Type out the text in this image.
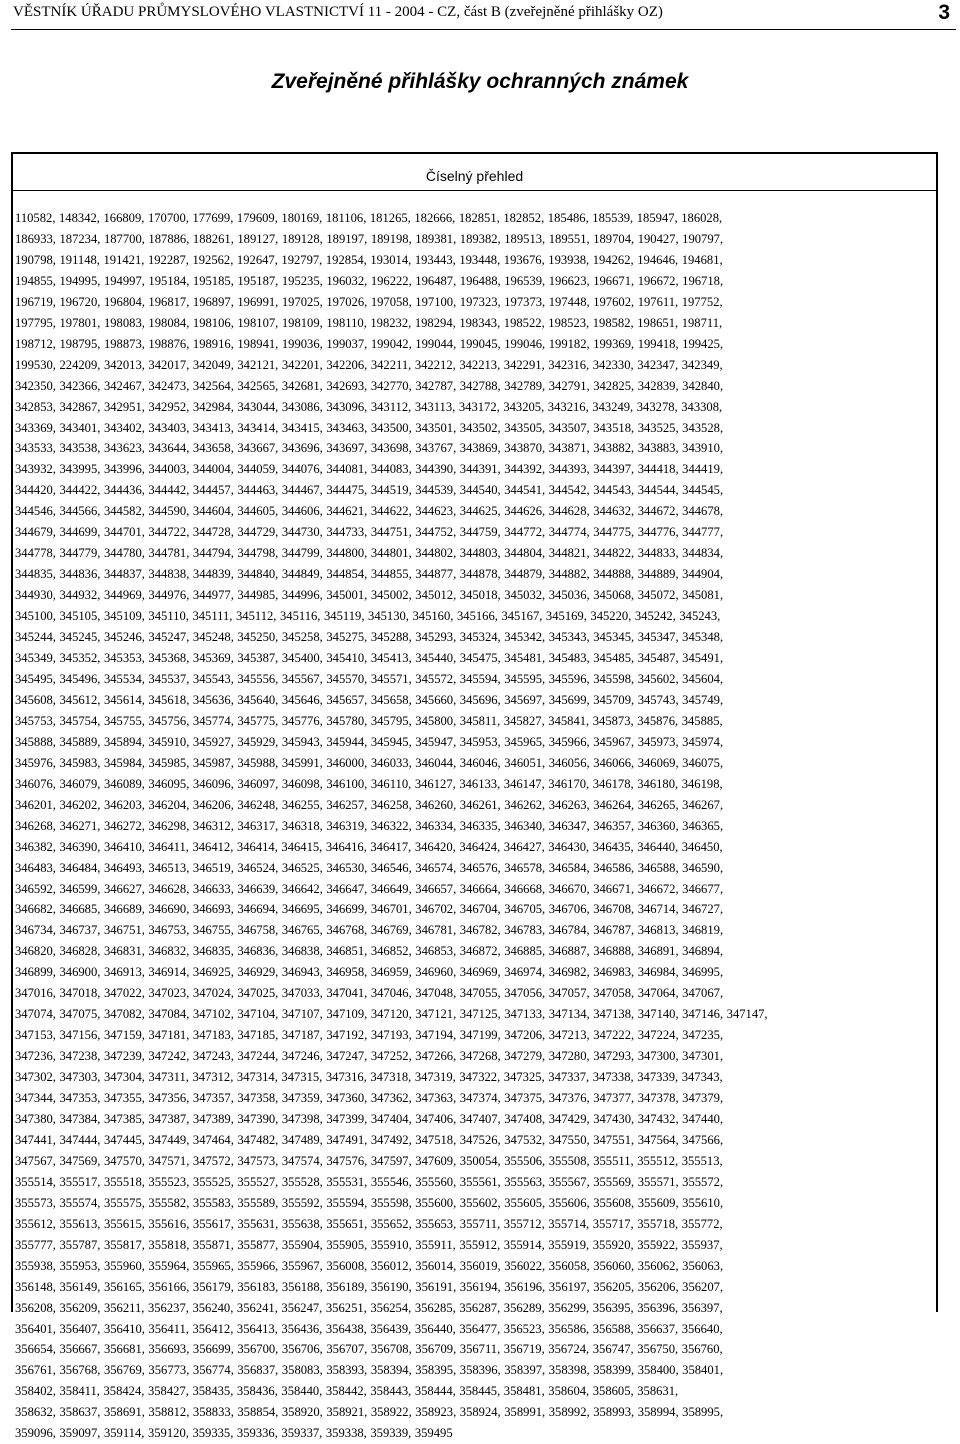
VĚSTNÍK ÚŘADU PRŮMYSLOVÉHO VLASTNICTVÍ 11 - 2004 - CZ, část B (zveřejněné přihlášky OZ)	3
Zveřejněné přihlášky ochranných známek
Číselný přehled
110582, 148342, 166809, 170700, 177699, 179609, 180169, 181106, 181265, 182666, 182851, 182852, 185486, 185539, 185947, 186028,
186933, 187234, 187700, 187886, 188261, 189127, 189128, 189197, 189198, 189381, 189382, 189513, 189551, 189704, 190427, 190797,
190798, 191148, 191421, 192287, 192562, 192647, 192797, 192854, 193014, 193443, 193448, 193676, 193938, 194262, 194646, 194681,
194855, 194995, 194997, 195184, 195185, 195187, 195235, 196032, 196222, 196487, 196488, 196539, 196623, 196671, 196672, 196718,
196719, 196720, 196804, 196817, 196897, 196991, 197025, 197026, 197058, 197100, 197323, 197373, 197448, 197602, 197611, 197752,
197795, 197801, 198083, 198084, 198106, 198107, 198109, 198110, 198232, 198294, 198343, 198522, 198523, 198582, 198651, 198711,
198712, 198795, 198873, 198876, 198916, 198941, 199036, 199037, 199042, 199044, 199045, 199046, 199182, 199369, 199418, 199425,
199530, 224209, 342013, 342017, 342049, 342121, 342201, 342206, 342211, 342212, 342213, 342291, 342316, 342330, 342347, 342349,
342350, 342366, 342467, 342473, 342564, 342565, 342681, 342693, 342770, 342787, 342788, 342789, 342791, 342825, 342839, 342840,
342853, 342867, 342951, 342952, 342984, 343044, 343086, 343096, 343112, 343113, 343172, 343205, 343216, 343249, 343278, 343308,
343369, 343401, 343402, 343403, 343413, 343414, 343415, 343463, 343500, 343501, 343502, 343505, 343507, 343518, 343525, 343528,
343533, 343538, 343623, 343644, 343658, 343667, 343696, 343697, 343698, 343767, 343869, 343870, 343871, 343882, 343883, 343910,
343932, 343995, 343996, 344003, 344004, 344059, 344076, 344081, 344083, 344390, 344391, 344392, 344393, 344397, 344418, 344419,
344420, 344422, 344436, 344442, 344457, 344463, 344467, 344475, 344519, 344539, 344540, 344541, 344542, 344543, 344544, 344545,
344546, 344566, 344582, 344590, 344604, 344605, 344606, 344621, 344622, 344623, 344625, 344626, 344628, 344632, 344672, 344678,
344679, 344699, 344701, 344722, 344728, 344729, 344730, 344733, 344751, 344752, 344759, 344772, 344774, 344775, 344776, 344777,
344778, 344779, 344780, 344781, 344794, 344798, 344799, 344800, 344801, 344802, 344803, 344804, 344821, 344822, 344833, 344834,
344835, 344836, 344837, 344838, 344839, 344840, 344849, 344854, 344855, 344877, 344878, 344879, 344882, 344888, 344889, 344904,
344930, 344932, 344969, 344976, 344977, 344985, 344996, 345001, 345002, 345012, 345018, 345032, 345036, 345068, 345072, 345081,
345100, 345105, 345109, 345110, 345111, 345112, 345116, 345119, 345130, 345160, 345166, 345167, 345169, 345220, 345242, 345243,
345244, 345245, 345246, 345247, 345248, 345250, 345258, 345275, 345288, 345293, 345324, 345342, 345343, 345345, 345347, 345348,
345349, 345352, 345353, 345368, 345369, 345387, 345400, 345410, 345413, 345440, 345475, 345481, 345483, 345485, 345487, 345491,
345495, 345496, 345534, 345537, 345543, 345556, 345567, 345570, 345571, 345572, 345594, 345595, 345596, 345598, 345602, 345604,
345608, 345612, 345614, 345618, 345636, 345640, 345646, 345657, 345658, 345660, 345696, 345697, 345699, 345709, 345743, 345749,
345753, 345754, 345755, 345756, 345774, 345775, 345776, 345780, 345795, 345800, 345811, 345827, 345841, 345873, 345876, 345885,
345888, 345889, 345894, 345910, 345927, 345929, 345943, 345944, 345945, 345947, 345953, 345965, 345966, 345967, 345973, 345974,
345976, 345983, 345984, 345985, 345987, 345988, 345991, 346000, 346033, 346044, 346046, 346051, 346056, 346066, 346069, 346075,
346076, 346079, 346089, 346095, 346096, 346097, 346098, 346100, 346110, 346127, 346133, 346147, 346170, 346178, 346180, 346198,
346201, 346202, 346203, 346204, 346206, 346248, 346255, 346257, 346258, 346260, 346261, 346262, 346263, 346264, 346265, 346267,
346268, 346271, 346272, 346298, 346312, 346317, 346318, 346319, 346322, 346334, 346335, 346340, 346347, 346357, 346360, 346365,
346382, 346390, 346410, 346411, 346412, 346414, 346415, 346416, 346417, 346420, 346424, 346427, 346430, 346435, 346440, 346450,
346483, 346484, 346493, 346513, 346519, 346524, 346525, 346530, 346546, 346574, 346576, 346578, 346584, 346586, 346588, 346590,
346592, 346599, 346627, 346628, 346633, 346639, 346642, 346647, 346649, 346657, 346664, 346668, 346670, 346671, 346672, 346677,
346682, 346685, 346689, 346690, 346693, 346694, 346695, 346699, 346701, 346702, 346704, 346705, 346706, 346708, 346714, 346727,
346734, 346737, 346751, 346753, 346755, 346758, 346765, 346768, 346769, 346781, 346782, 346783, 346784, 346787, 346813, 346819,
346820, 346828, 346831, 346832, 346835, 346836, 346838, 346851, 346852, 346853, 346872, 346885, 346887, 346888, 346891, 346894,
346899, 346900, 346913, 346914, 346925, 346929, 346943, 346958, 346959, 346960, 346969, 346974, 346982, 346983, 346984, 346995,
347016, 347018, 347022, 347023, 347024, 347025, 347033, 347041, 347046, 347048, 347055, 347056, 347057, 347058, 347064, 347067,
347074, 347075, 347082, 347084, 347102, 347104, 347107, 347109, 347120, 347121, 347125, 347133, 347134, 347138, 347140, 347146, 347147,
347153, 347156, 347159, 347181, 347183, 347185, 347187, 347192, 347193, 347194, 347199, 347206, 347213, 347222, 347224, 347235,
347236, 347238, 347239, 347242, 347243, 347244, 347246, 347247, 347252, 347266, 347268, 347279, 347280, 347293, 347300, 347301,
347302, 347303, 347304, 347311, 347312, 347314, 347315, 347316, 347318, 347319, 347322, 347325, 347337, 347338, 347339, 347343,
347344, 347353, 347355, 347356, 347357, 347358, 347359, 347360, 347362, 347363, 347374, 347375, 347376, 347377, 347378, 347379,
347380, 347384, 347385, 347387, 347389, 347390, 347398, 347399, 347404, 347406, 347407, 347408, 347429, 347430, 347432, 347440,
347441, 347444, 347445, 347449, 347464, 347482, 347489, 347491, 347492, 347518, 347526, 347532, 347550, 347551, 347564, 347566,
347567, 347569, 347570, 347571, 347572, 347573, 347574, 347576, 347597, 347609, 350054, 355506, 355508, 355511, 355512, 355513,
355514, 355517, 355518, 355523, 355525, 355527, 355528, 355531, 355546, 355560, 355561, 355563, 355567, 355569, 355571, 355572,
355573, 355574, 355575, 355582, 355583, 355589, 355592, 355594, 355598, 355600, 355602, 355605, 355606, 355608, 355609, 355610,
355612, 355613, 355615, 355616, 355617, 355631, 355638, 355651, 355652, 355653, 355711, 355712, 355714, 355717, 355718, 355772,
355777, 355787, 355817, 355818, 355871, 355877, 355904, 355905, 355910, 355911, 355912, 355914, 355919, 355920, 355922, 355937,
355938, 355953, 355960, 355964, 355965, 355966, 355967, 356008, 356012, 356014, 356019, 356022, 356058, 356060, 356062, 356063,
356148, 356149, 356165, 356166, 356179, 356183, 356188, 356189, 356190, 356191, 356194, 356196, 356197, 356205, 356206, 356207,
356208, 356209, 356211, 356237, 356240, 356241, 356247, 356251, 356254, 356285, 356287, 356289, 356299, 356395, 356396, 356397,
356401, 356407, 356410, 356411, 356412, 356413, 356436, 356438, 356439, 356440, 356477, 356523, 356586, 356588, 356637, 356640,
356654, 356667, 356681, 356693, 356699, 356700, 356706, 356707, 356708, 356709, 356711, 356719, 356724, 356747, 356750, 356760,
356761, 356768, 356769, 356773, 356774, 356837, 358083, 358393, 358394, 358395, 358396, 358397, 358398, 358399, 358400, 358401,
358402, 358411, 358424, 358427, 358435, 358436, 358440, 358442, 358443, 358444, 358445, 358481, 358604, 358605, 358631,
358632, 358637, 358691, 358812, 358833, 358854, 358920, 358921, 358922, 358923, 358924, 358991, 358992, 358993, 358994, 358995,
359096, 359097, 359114, 359120, 359335, 359336, 359337, 359338, 359339, 359495
